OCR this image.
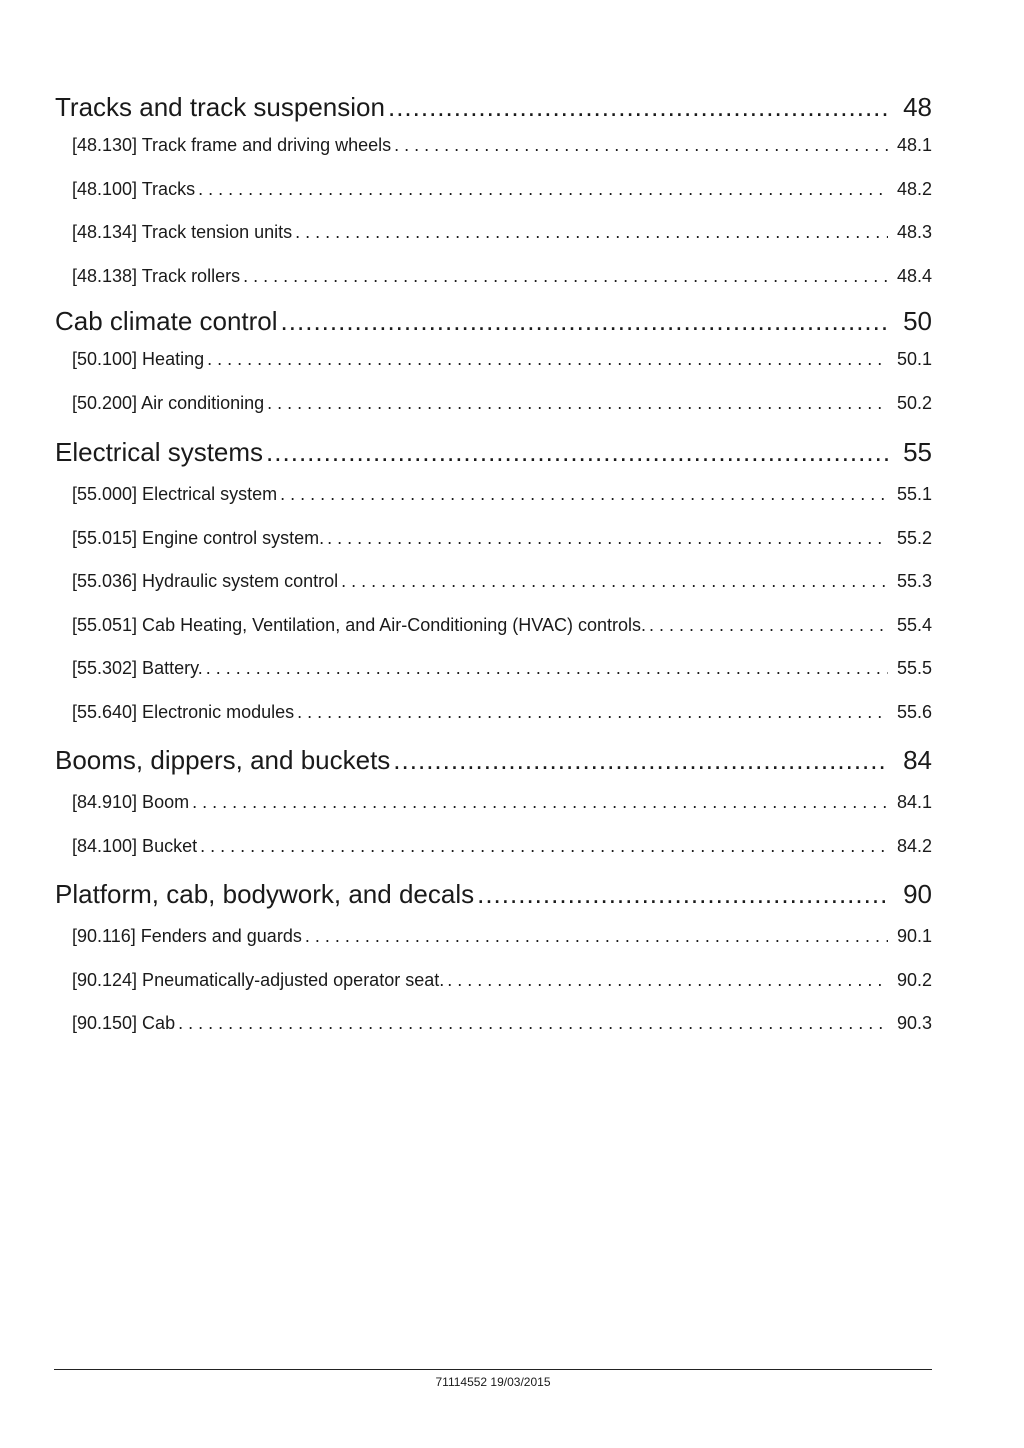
Tracks and track suspension .....	48
[48.130] Track frame and driving wheels . . .	48.1
[48.100] Tracks . . .	48.2
[48.134] Track tension units . . .	48.3
[48.138] Track rollers . . .	48.4
Cab climate control .....	50
[50.100] Heating . . .	50.1
[50.200] Air conditioning . . .	50.2
Electrical systems .....	55
[55.000] Electrical system . . .	55.1
[55.015] Engine control system. . . .	55.2
[55.036] Hydraulic system control . . .	55.3
[55.051] Cab Heating, Ventilation, and Air-Conditioning (HVAC) controls. . . .	55.4
[55.302] Battery. . . .	55.5
[55.640] Electronic modules . . .	55.6
Booms, dippers, and buckets .....	84
[84.910] Boom . . .	84.1
[84.100] Bucket . . .	84.2
Platform, cab, bodywork, and decals .....	90
[90.116] Fenders and guards . . .	90.1
[90.124] Pneumatically-adjusted operator seat. . . .	90.2
[90.150] Cab . . .	90.3
71114552 19/03/2015
